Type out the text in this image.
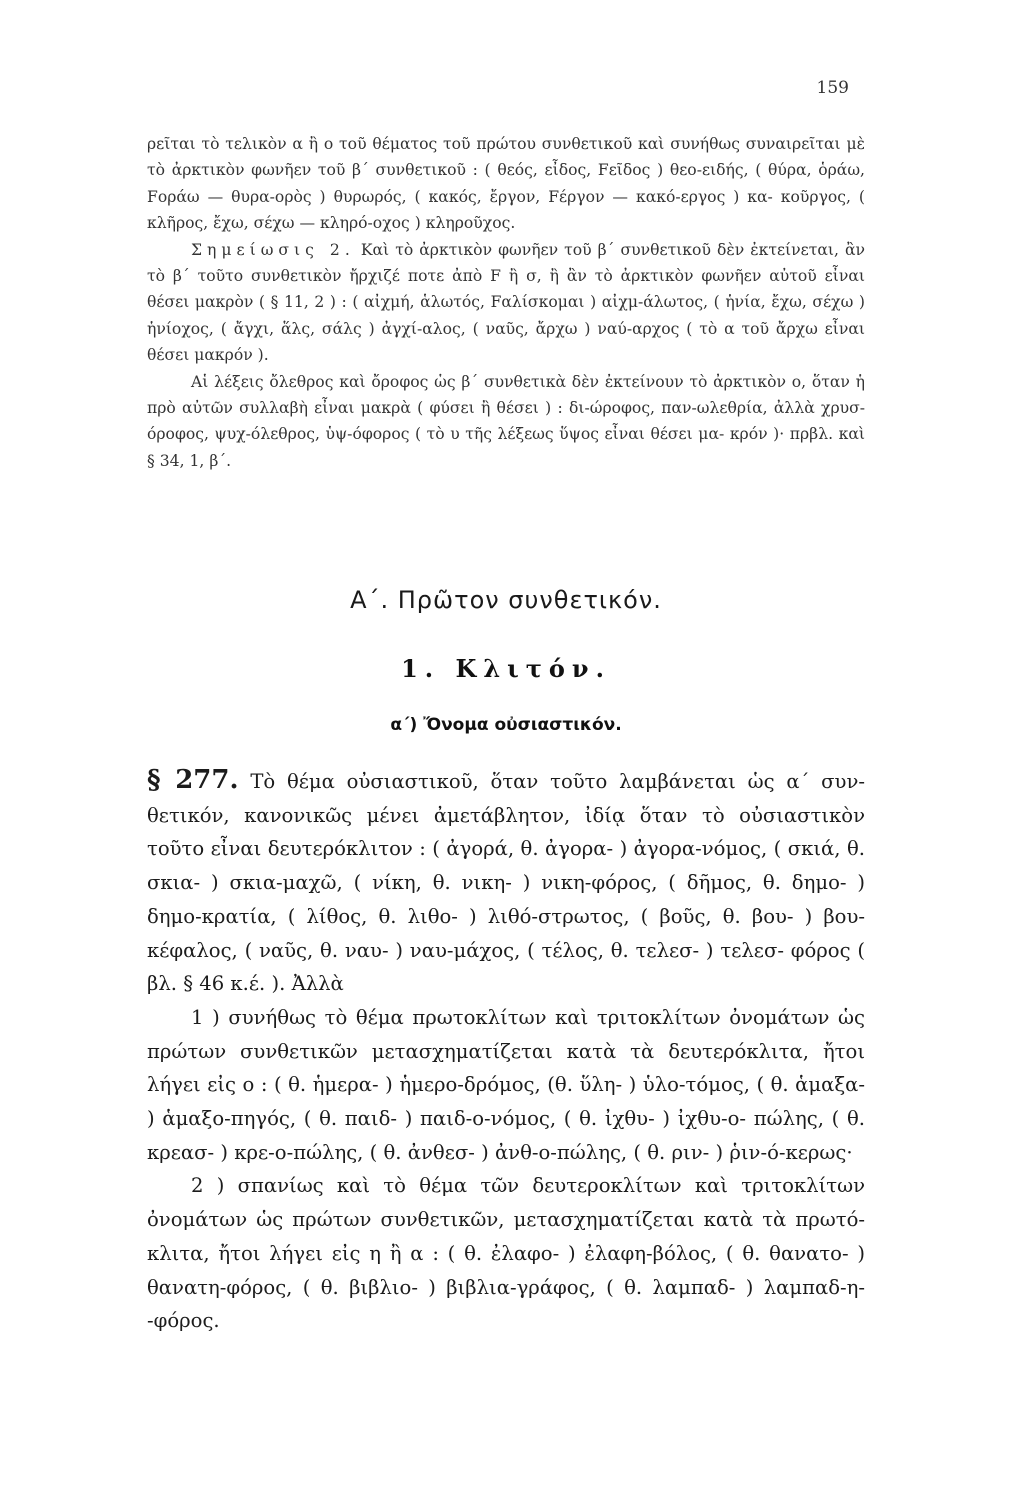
159

ρεῖται τὸ τελικὸν α ἢ ο τοῦ θέματος τοῦ πρώτου συνθετικοῦ καὶ συνήθως συναιρεῖται μὲ τὸ ἀρκτικὸν φωνῆεν τοῦ β΄ συνθετικοῦ : ( θεός, εἶδος, Fεῖδος ) θεο-ειδής, ( θύρα, ὁράω, Fοράω — θυρα-ορὸς ) θυρωρός, ( κακός, ἔργον, Fέργον — κακό-εργος ) κα- κοῦργος, ( κλῆρος, ἔχω, σέχω — κληρό-οχος ) κληροῦχος.

Σημείωσις 2. Καὶ τὸ ἀρκτικὸν φωνῆεν τοῦ β΄ συνθετικοῦ δὲν ἐκτείνεται, ἂν τὸ β΄ τοῦτο συνθετικὸν ἤρχιζέ ποτε ἀπὸ F ἢ σ, ἢ ἂν τὸ ἀρκτικὸν φωνῆεν αὐτοῦ εἶναι θέσει μακρὸν ( § 11, 2 ) : ( αἰχμή, ἁλωτός, Fαλίσκομαι ) αἰχμ-άλωτος, ( ἡνία, ἔχω, σέχω ) ἡνίοχος, ( ἄγχι, ἅλς, σάλς ) ἀγχί-αλος, ( ναῦς, ἄρχω ) ναύ-αρχος ( τὸ α τοῦ ἄρχω εἶναι θέσει μακρόν ).

Αἱ λέξεις ὄλεθρος καὶ ὄροφος ὡς β΄ συνθετικὰ δὲν ἐκτείνουν τὸ ἀρκτικὸν ο, ὅταν ἡ πρὸ αὐτῶν συλλαβὴ εἶναι μακρὰ ( φύσει ἢ θέσει ) : δι-ώροφος, παν-ωλεθρία, ἀλλὰ χρυσ-όροφος, ψυχ-όλεθρος, ὑψ-όφορος ( τὸ υ τῆς λέξεως ὕψος εἶναι θέσει μα- κρόν )· πρβλ. καὶ § 34, 1, β΄.

Α΄. Πρῶτον συνθετικόν.
1. Κλιτόν.
α΄) Ὄνομα οὐσιαστικόν.

§ 277. Τὸ θέμα οὐσιαστικοῦ, ὅταν τοῦτο λαμβάνεται ὡς α΄ συν- θετικόν, κανονικῶς μένει ἀμετάβλητον, ἰδίᾳ ὅταν τὸ οὐσιαστικὸν τοῦτο εἶναι δευτερόκλιτον : ( ἀγορά, θ. ἀγορα- ) ἀγορα-νόμος, ( σκιά, θ. σκια- ) σκια-μαχῶ, ( νίκη, θ. νικη- ) νικη-φόρος, ( δῆμος, θ. δημο- ) δημο-κρατία, ( λίθος, θ. λιθο- ) λιθό-στρωτος, ( βοῦς, θ. βου- ) βου- κέφαλος, ( ναῦς, θ. ναυ- ) ναυ-μάχος, ( τέλος, θ. τελεσ- ) τελεσ- φόρος ( βλ. § 46 κ.έ. ). Ἀλλὰ

1 ) συνήθως τὸ θέμα πρωτοκλίτων καὶ τριτοκλίτων ὀνομάτων ὡς πρώτων συνθετικῶν μετασχηματίζεται κατὰ τὰ δευτερόκλιτα, ἤτοι λήγει εἰς ο : ( θ. ἡμερα- ) ἡμερο-δρόμος, (θ. ὕλη- ) ὑλο-τόμος, ( θ. ἁμαξα- ) ἁμαξο-πηγός, ( θ. παιδ- ) παιδ-ο-νόμος, ( θ. ἰχθυ- ) ἰχθυ-ο- πώλης, ( θ. κρεασ- ) κρε-ο-πώλης, ( θ. ἀνθεσ- ) ἀνθ-ο-πώλης, ( θ. ριν- ) ῥιν-ό-κερως·

2 ) σπανίως καὶ τὸ θέμα τῶν δευτεροκλίτων καὶ τριτοκλίτων ὀνομάτων ὡς πρώτων συνθετικῶν, μετασχηματίζεται κατὰ τὰ πρωτό- κλιτα, ἤτοι λήγει εἰς η ἢ α : ( θ. ἐλαφο- ) ἐλαφη-βόλος, ( θ. θανατο- ) θανατη-φόρος, ( θ. βιβλιο- ) βιβλια-γράφος, ( θ. λαμπαδ- ) λαμπαδ-η- -φόρος.
